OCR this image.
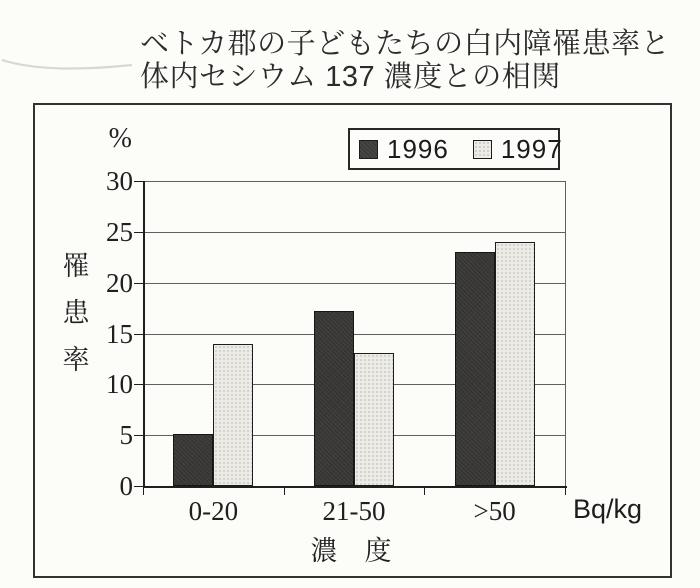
ベトカ郡の子どもたちの白内障罹患率と
体内セシウム 137 濃度との相関
%	1996 1997
罹患率
30
25
20
15
10
5
0
0-20	21-50	>50	Bq/kg
濃　度
